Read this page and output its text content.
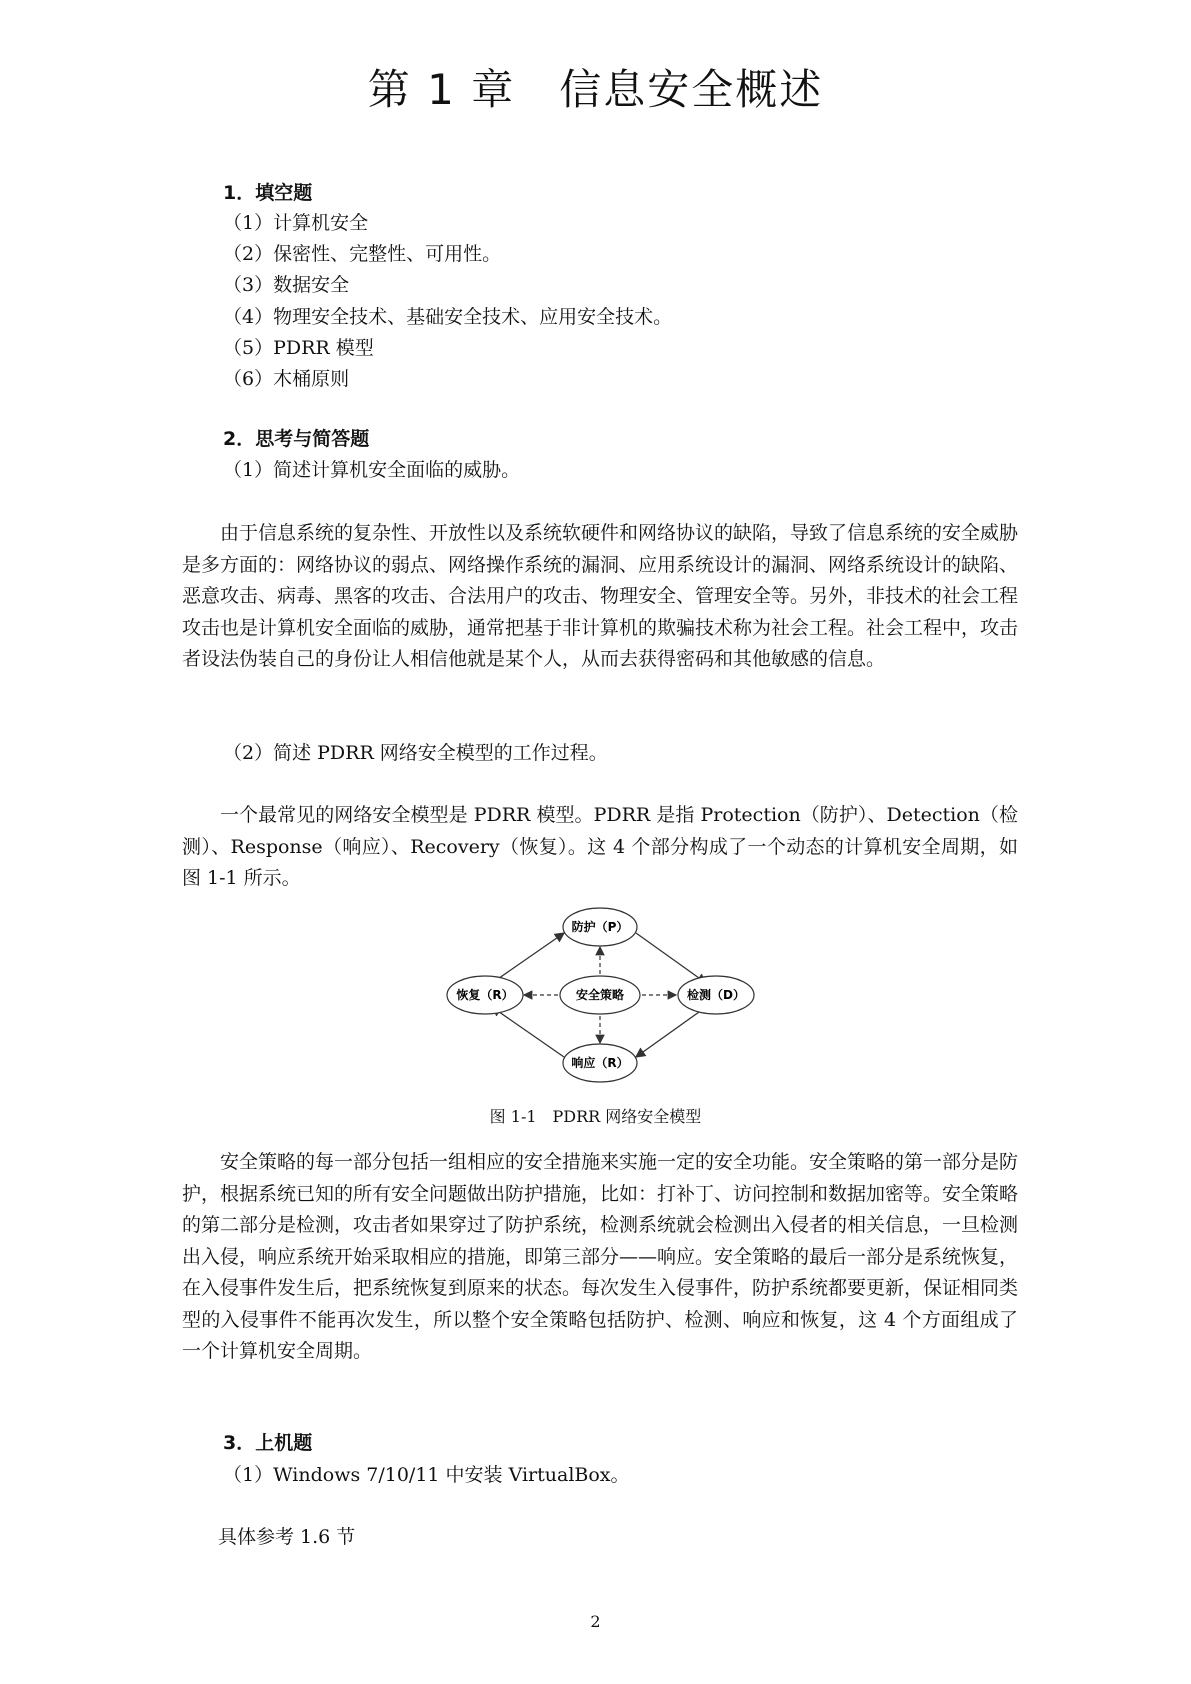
第 1 章　信息安全概述
1．填空题
（1）计算机安全
（2）保密性、完整性、可用性。
（3）数据安全
（4）物理安全技术、基础安全技术、应用安全技术。
（5）PDRR 模型
（6）木桶原则
2．思考与简答题
（1）简述计算机安全面临的威胁。

由于信息系统的复杂性、开放性以及系统软硬件和网络协议的缺陷，导致了信息系统的安全威胁是多方面的：网络协议的弱点、网络操作系统的漏洞、应用系统设计的漏洞、网络系统设计的缺陷、恶意攻击、病毒、黑客的攻击、合法用户的攻击、物理安全、管理安全等。另外，非技术的社会工程攻击也是计算机安全面临的威胁，通常把基于非计算机的欺骗技术称为社会工程。社会工程中，攻击者设法伪装自己的身份让人相信他就是某个人，从而去获得密码和其他敏感的信息。

（2）简述 PDRR 网络安全模型的工作过程。

一个最常见的网络安全模型是 PDRR 模型。PDRR 是指 Protection（防护）、Detection（检测）、Response（响应）、Recovery（恢复）。这 4 个部分构成了一个动态的计算机安全周期，如图 1-1 所示。

防护（P）
恢复（R）	安全策略	检测（D）
响应（R）
图 1-1　PDRR 网络安全模型

安全策略的每一部分包括一组相应的安全措施来实施一定的安全功能。安全策略的第一部分是防护，根据系统已知的所有安全问题做出防护措施，比如：打补丁、访问控制和数据加密等。安全策略的第二部分是检测，攻击者如果穿过了防护系统，检测系统就会检测出入侵者的相关信息，一旦检测出入侵，响应系统开始采取相应的措施，即第三部分——响应。安全策略的最后一部分是系统恢复，在入侵事件发生后，把系统恢复到原来的状态。每次发生入侵事件，防护系统都要更新，保证相同类型的入侵事件不能再次发生，所以整个安全策略包括防护、检测、响应和恢复，这 4 个方面组成了一个计算机安全周期。

3．上机题
（1）Windows 7/10/11 中安装 VirtualBox。
具体参考 1.6 节
2
